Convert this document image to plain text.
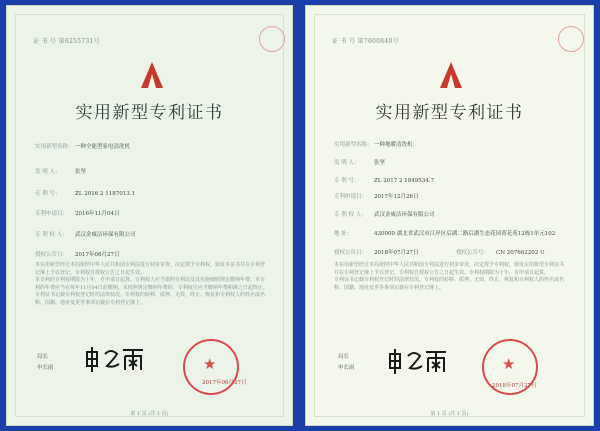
证 书 号 第6255731号
实用新型专利证书
实用新型名称：一种全能型家电清洗机
发 明 人：	张坚
专 利 号：	ZL 2016 2 1187013.1
专利申请日： 2016年11月04日
专 利 权 人： 武汉金威洁环保有限公司
授权公告日： 2017年06月27日

本实用新型经过本局依照中华人民共和国专利法进行初步审查，决定授予专利权，颁发本证书并在专利登记簿上予以登记。专利权自授权公告之日起生效。

本专利的专利权期限为十年，自申请日起算。专利权人应当依照专利法及其实施细则规定缴纳年费。本专利的年费应当在每年11月04日前缴纳。未按照规定缴纳年费的，专利权自应当缴纳年费期满之日起终止。

专利证书记载专利权登记时的法律状况。专利权的转移、质押、无效、终止、恢复和专利权人的姓名或名称、国籍、地址变更等事项记载在专利登记簿上。

局长
申长雨	★
2017年06月27日
第 1 页 (共 1 页)
证 书 号 第7600840号
实用新型专利证书
实用新型名称：一种地暖清洗机
发 明 人：	张坚
专 利 号：	ZL 2017 2 1849534.7
专利申请日： 2017年12月26日
专 利 权 人： 武汉金威洁环保有限公司
地 址：	430000 湖北省武汉市江岸区后湖二路后湖生态花园荷花苑12栋1单元102
授权公告日： 2018年07月27日	授权公告号： CN 207662202 U

本实用新型经过本局依照中华人民共和国专利法进行初步审查，决定授予专利权，颁发实用新型专利证书并在专利登记簿上予以登记。专利权自授权公告之日起生效。专利权期限为十年，自申请日起算。

专利证书记载专利权登记时的法律状况。专利权的转移、质押、无效、终止、恢复和专利权人的姓名或名称、国籍、地址变更等事项记载在专利登记簿上。

局长
申长雨	★
2018年07月27日
第 1 页 (共 1 页)
